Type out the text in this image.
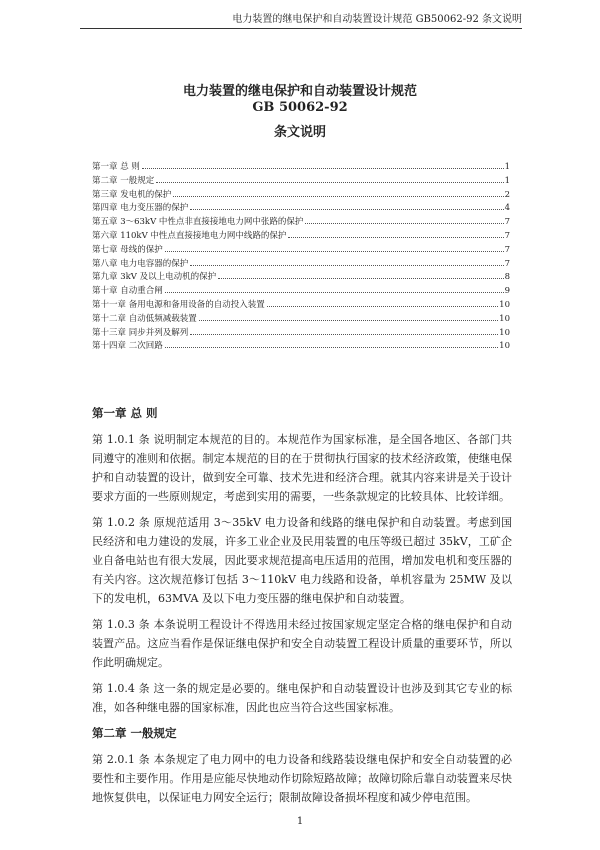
电力装置的继电保护和自动装置设计规范 GB50062-92 条文说明
电力装置的继电保护和自动装置设计规范
GB 50062-92
条文说明
第一章 总 则	1
第二章 一般规定	1
第三章 发电机的保护	2
第四章 电力变压器的保护	4
第五章 3～63kV 中性点非直接接地电力网中张路的保护	7
第六章 110kV 中性点直接接地电力网中线路的保护	7
第七章 母线的保护	7
第八章 电力电容器的保护	7
第九章 3kV 及以上电动机的保护	8
第十章 自动重合闸	9
第十一章 备用电源和备用设备的自动投入装置	10
第十二章 自动低频减载装置	10
第十三章 同步并列及解列	10
第十四章 二次回路	10
第一章 总 则

第 1.0.1 条 说明制定本规范的目的。本规范作为国家标准，是全国各地区、各部门共同遵守的准则和依据。制定本规范的目的在于贯彻执行国家的技术经济政策，使继电保护和自动装置的设计，做到安全可靠、技术先进和经济合理。就其内容来讲是关于设计要求方面的一些原则规定，考虑到实用的需要，一些条款规定的比较具体、比较详细。

第 1.0.2 条 原规范适用 3～35kV 电力设备和线路的继电保护和自动装置。考虑到国民经济和电力建设的发展，许多工业企业及民用装置的电压等级已超过 35kV，工矿企业自备电站也有很大发展，因此要求规范提高电压适用的范围，增加发电机和变压器的有关内容。这次规范修订包括 3～110kV 电力线路和设备，单机容量为 25MW 及以下的发电机，63MVA 及以下电力变压器的继电保护和自动装置。

第 1.0.3 条 本条说明工程设计不得选用未经过按国家规定坚定合格的继电保护和自动装置产品。这应当看作是保证继电保护和安全自动装置工程设计质量的重要环节，所以作此明确规定。

第 1.0.4 条 这一条的规定是必要的。继电保护和自动装置设计也涉及到其它专业的标准，如各种继电器的国家标准，因此也应当符合这些国家标准。

第二章 一般规定

第 2.0.1 条 本条规定了电力网中的电力设备和线路装设继电保护和安全自动装置的必要性和主要作用。作用是应能尽快地动作切除短路故障；故障切除后靠自动装置来尽快地恢复供电，以保证电力网安全运行；限制故障设备损坏程度和减少停电范围。

1
